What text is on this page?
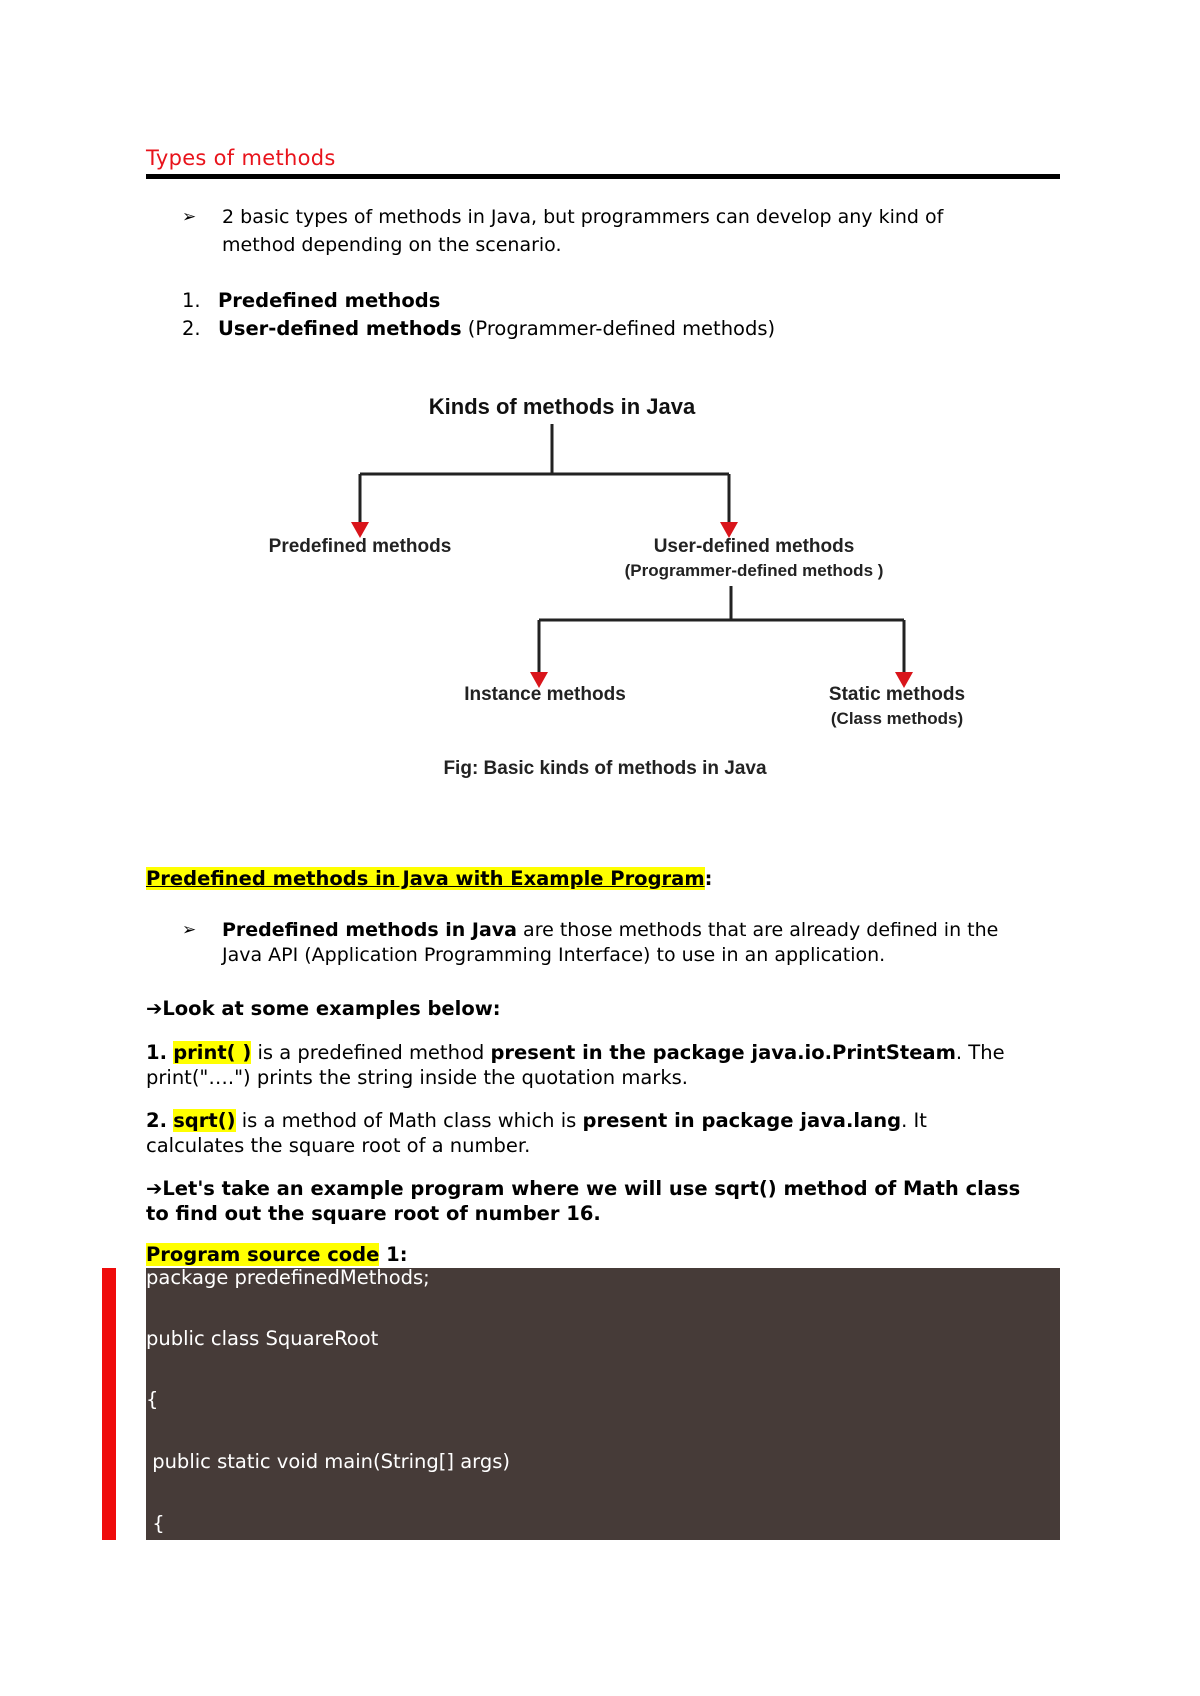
Types of methods
➢ 2 basic types of methods in Java, but programmers can develop any kind of
method depending on the scenario.
1. Predefined methods
2. User-defined methods (Programmer-defined methods)
Kinds of methods in Java
Predefined methods	User-defined methods
(Programmer-defined methods )
Instance methods	Static methods
(Class methods)
Fig: Basic kinds of methods in Java
Predefined methods in Java with Example Program:
➢ Predefined methods in Java are those methods that are already defined in the
Java API (Application Programming Interface) to use in an application.
➔Look at some examples below:
1. print( ) is a predefined method present in the package java.io.PrintSteam. The
print("….") prints the string inside the quotation marks.
2. sqrt() is a method of Math class which is present in package java.lang. It
calculates the square root of a number.
➔Let's take an example program where we will use sqrt() method of Math class
to find out the square root of number 16.
Program source code 1:
package predefinedMethods;
public class SquareRoot
{
public static void main(String[] args)
{
